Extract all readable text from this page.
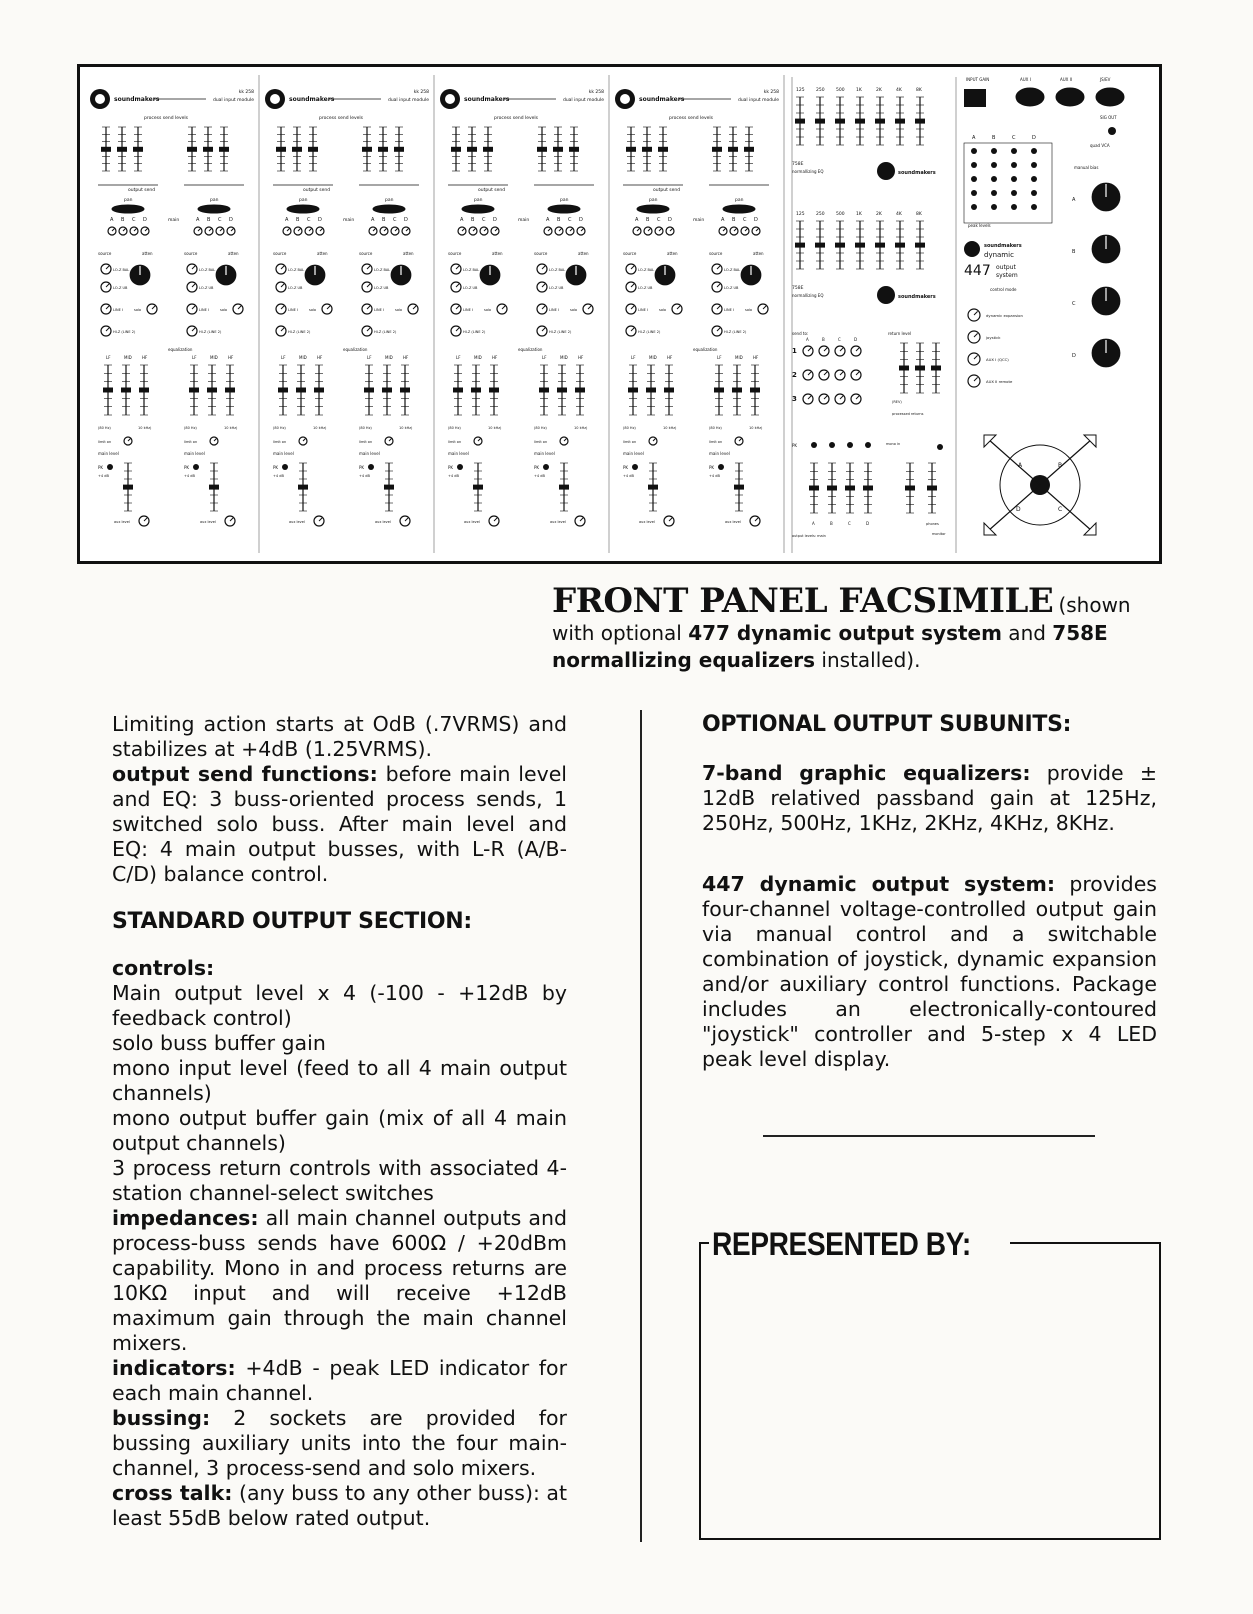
soundmakers
kk 258
dual input module
process send levels
output send
pan
A B C D	main
source	atten
LO-Z BAL
LO-Z UB
LINE I	solo
HI-Z (LINE 2)
equalization
LF	MID	HF
(80 Hz)	10 kHz)
limit on
main level
PK
+4 dB
aux level
pan
A B C D
source	atten
LO-Z BAL
LO-Z UB
LINE I	solo
HI-Z (LINE 2)
LF	MID	HF
(80 Hz)	10 kHz)
limit on
main level
PK
+4 dB
aux level
soundmakers
kk 258
dual input module
process send levels
output send
pan
A B C D	main
source	atten
LO-Z BAL
LO-Z UB
LINE I	solo
HI-Z (LINE 2)
equalization
LF	MID	HF
(80 Hz)	10 kHz)
limit on
main level
PK
+4 dB
aux level
pan
A B C D
source	atten
LO-Z BAL
LO-Z UB
LINE I	solo
HI-Z (LINE 2)
LF	MID	HF
(80 Hz)	10 kHz)
limit on
main level
PK
+4 dB
aux level
soundmakers
kk 258
dual input module
process send levels
output send
pan
A B C D	main
source	atten
LO-Z BAL
LO-Z UB
LINE I	solo
HI-Z (LINE 2)
equalization
LF	MID	HF
(80 Hz)	10 kHz)
limit on
main level
PK
+4 dB
aux level
pan
A B C D
source	atten
LO-Z BAL
LO-Z UB
LINE I	solo
HI-Z (LINE 2)
LF	MID	HF
(80 Hz)	10 kHz)
limit on
main level
PK
+4 dB
aux level
soundmakers
kk 258
dual input module
process send levels
output send
pan
A B C D	main
source	atten
LO-Z BAL
LO-Z UB
LINE I	solo
HI-Z (LINE 2)
equalization
LF	MID	HF
(80 Hz)	10 kHz)
limit on
main level
PK
+4 dB
aux level
pan
A B C D
source	atten
LO-Z BAL
LO-Z UB
LINE I	solo
HI-Z (LINE 2)
LF	MID	HF
(80 Hz)	10 kHz)
limit on
main level
PK
+4 dB
aux level
125	250	500	1K	2K	4K	8K
758E
normallizing EQ	soundmakers
125	250	500	1K	2K	4K	8K
758E
normallizing EQ	soundmakers
send to:
1
2
3
A	B	C	D
return level
(REV)
processed returns
PK	mono in
A	B	C	D
output levels: main
phones
monitor
INPUT GAIN	AUX I	AUX II	JS/EV
SIG OUT
A	B	C	D
peak levels
soundmakers
dynamic
447 output
system
control mode
dynamic expansion
joystick
AUX I (QCC)
AUX II remote
quad VCA
manual bias
A
B
C
D
A	B
C
D
FRONT PANEL FACSIMILE (shown
with optional 477 dynamic output system and 758E
normallizing equalizers installed).
Limiting action starts at OdB (.7VRMS) and stabilizes at +4dB (1.25VRMS).
output send functions: before main level and EQ: 3 buss-oriented process sends, 1 switched solo buss. After main level and EQ: 4 main output busses, with L-R (A/B-C/D) balance control.
STANDARD OUTPUT SECTION:
controls:
Main output level x 4 (-100 - +12dB by feedback control)
solo buss buffer gain
mono input level (feed to all 4 main output channels)
mono output buffer gain (mix of all 4 main output channels)
3 process return controls with associated 4-station channel-select switches
impedances: all main channel outputs and process-buss sends have 600Ω / +20dBm capability. Mono in and process returns are 10KΩ input and will receive +12dB maximum gain through the main channel mixers.
indicators: +4dB - peak LED indicator for each main channel.
bussing: 2 sockets are provided for bussing auxiliary units into the four main-channel, 3 process-send and solo mixers.
cross talk: (any buss to any other buss): at least 55dB below rated output.
OPTIONAL OUTPUT SUBUNITS:
7-band graphic equalizers: provide ± 12dB relatived passband gain at 125Hz, 250Hz, 500Hz, 1KHz, 2KHz, 4KHz, 8KHz.
447 dynamic output system: provides four-channel voltage-controlled output gain via manual control and a switchable combination of joystick, dynamic expansion and/or auxiliary control functions. Package includes an electronically-contoured "joystick" controller and 5-step x 4 LED peak level display.
REPRESENTED BY:
